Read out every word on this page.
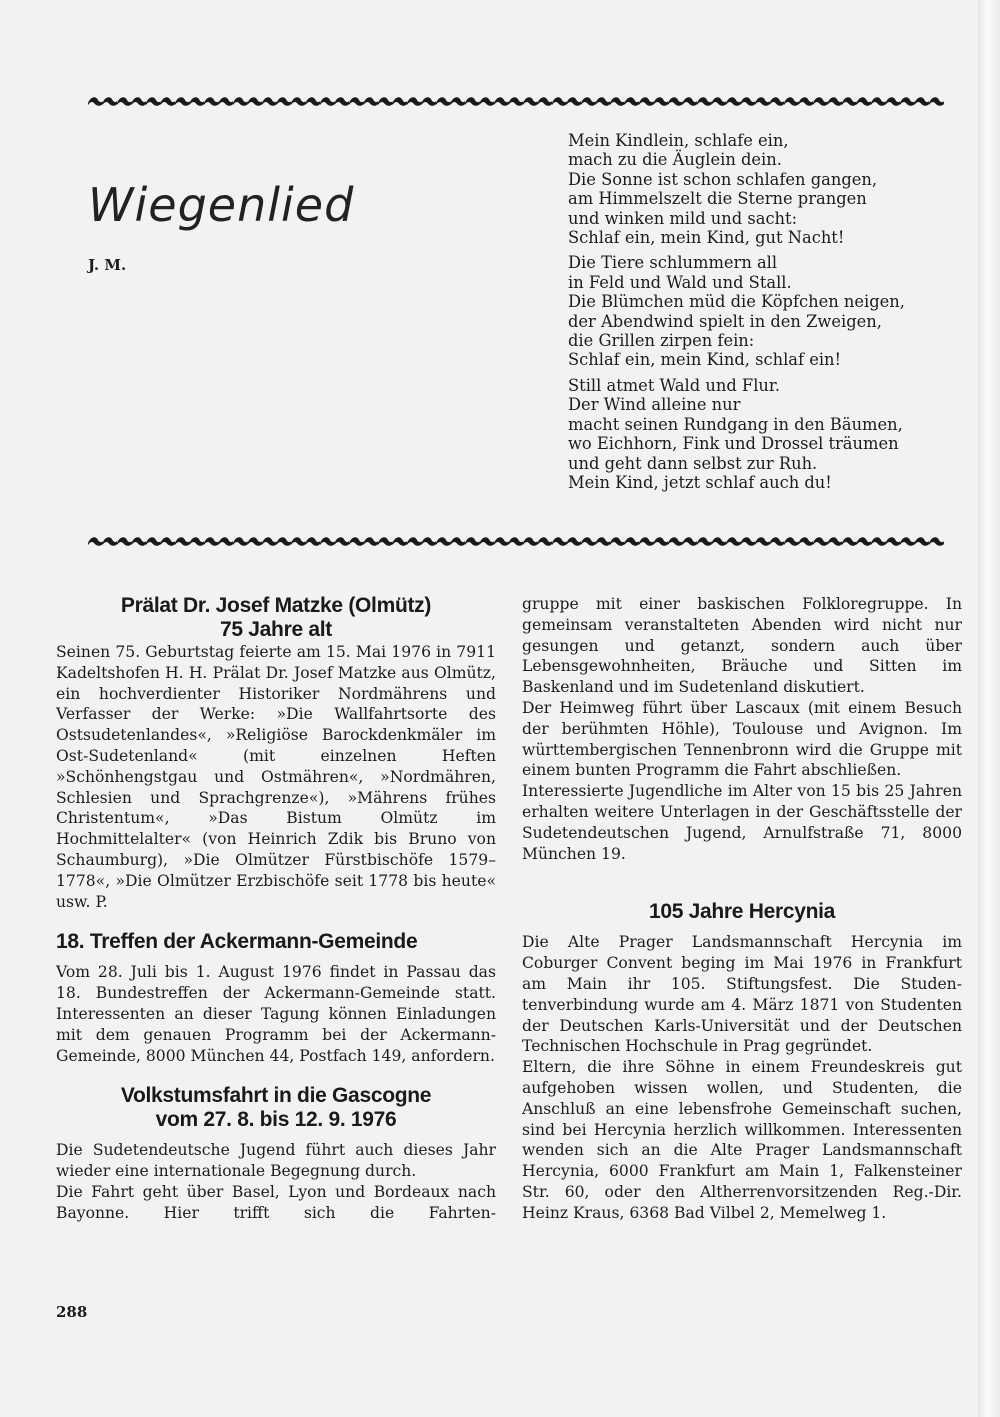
Wiegenlied
J. M.
Mein Kindlein, schlafe ein,
mach zu die Äuglein dein.
Die Sonne ist schon schlafen gangen,
am Himmelszelt die Sterne prangen
und winken mild und sacht:
Schlaf ein, mein Kind, gut Nacht!
Die Tiere schlummern all
in Feld und Wald und Stall.
Die Blümchen müd die Köpfchen neigen,
der Abendwind spielt in den Zweigen,
die Grillen zirpen fein:
Schlaf ein, mein Kind, schlaf ein!
Still atmet Wald und Flur.
Der Wind alleine nur
macht seinen Rundgang in den Bäumen,
wo Eichhorn, Fink und Drossel träumen
und geht dann selbst zur Ruh.
Mein Kind, jetzt schlaf auch du!
Prälat Dr. Josef Matzke (Olmütz)
75 Jahre alt

Seinen 75. Geburtstag feierte am 15. Mai 1976 in 7911 Kadeltshofen H. H. Prälat Dr. Josef Matzke aus Olmütz, ein hochverdienter Historiker Nordmährens und Verfasser der Werke: »Die Wallfahrtsorte des Ostsudetenlandes«, »Religiöse Barockdenkmäler im Ost-Sudetenland« (mit einzelnen Heften »Schönhengstgau und Ostmähren«, »Nordmähren, Schlesien und Sprachgrenze«), »Mährens frühes Christentum«, »Das Bistum Olmütz im Hochmittelalter« (von Heinrich Zdik bis Bruno von Schaumburg), »Die Olmützer Fürstbischöfe 1579–1778«, »Die Olmützer Erzbischöfe seit 1778 bis heute« usw. P.

18. Treffen der Ackermann-Gemeinde

Vom 28. Juli bis 1. August 1976 findet in Passau das 18. Bundestreffen der Ackermann-Gemeinde statt. Interessenten an dieser Tagung können Einladungen mit dem genauen Programm bei der Ackermann-Gemeinde, 8000 München 44, Postfach 149, anfordern.

Volkstumsfahrt in die Gascogne
vom 27. 8. bis 12. 9. 1976

Die Sudetendeutsche Jugend führt auch dieses Jahr wieder eine internationale Begegnung durch.

Die Fahrt geht über Basel, Lyon und Bordeaux nach Bayonne. Hier trifft sich die Fahrten-

gruppe mit einer baskischen Folkloregruppe. In gemeinsam veranstalteten Abenden wird nicht nur gesungen und getanzt, sondern auch über Lebensgewohnheiten, Bräuche und Sitten im Baskenland und im Sudetenland diskutiert.

Der Heimweg führt über Lascaux (mit einem Besuch der berühmten Höhle), Toulouse und Avignon. Im württembergischen Tennenbronn wird die Gruppe mit einem bunten Programm die Fahrt abschließen.

Interessierte Jugendliche im Alter von 15 bis 25 Jahren erhalten weitere Unterlagen in der Geschäftsstelle der Sudetendeutschen Jugend, Arnulfstraße 71, 8000 München 19.

105 Jahre Hercynia

Die Alte Prager Landsmannschaft Hercynia im Coburger Convent beging im Mai 1976 in Frankfurt am Main ihr 105. Stiftungsfest. Die Studentenverbindung wurde am 4. März 1871 von Studenten der Deutschen Karls-Universität und der Deutschen Technischen Hochschule in Prag gegründet.

Eltern, die ihre Söhne in einem Freundeskreis gut aufgehoben wissen wollen, und Studenten, die Anschluß an eine lebensfrohe Gemeinschaft suchen, sind bei Hercynia herzlich willkommen. Interessenten wenden sich an die Alte Prager Landsmannschaft Hercynia, 6000 Frankfurt am Main 1, Falkensteiner Str. 60, oder den Altherrenvorsitzenden Reg.-Dir. Heinz Kraus, 6368 Bad Vilbel 2, Memelweg 1.

288
